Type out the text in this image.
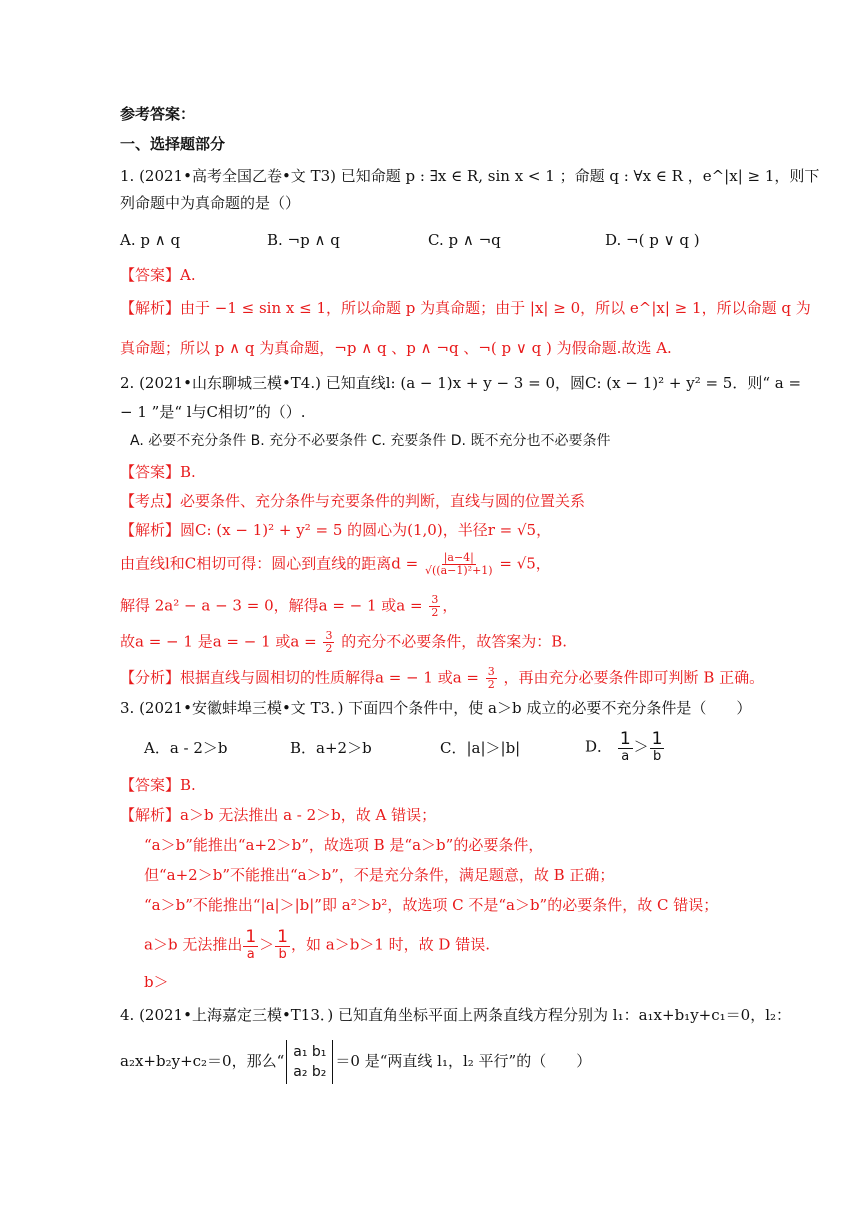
参考答案：
一、选择题部分
1. (2021•高考全国乙卷•文 T3) 已知命题 p : ∃x ∈ R, sin x < 1 ；命题 q : ∀x ∈ R ，e^|x| ≥ 1，则下
列命题中为真命题的是（）
A. p ∧ q	B. ¬p ∧ q	C. p ∧ ¬q	D. ¬( p ∨ q )
【答案】A.
【解析】由于 −1 ≤ sin x ≤ 1，所以命题 p 为真命题；由于 |x| ≥ 0，所以 e^|x| ≥ 1，所以命题 q 为
真命题；所以 p ∧ q 为真命题，¬p ∧ q 、p ∧ ¬q 、¬( p ∨ q ) 为假命题.故选 A.
2. (2021•山东聊城三模•T4.) 已知直线l: (a − 1)x + y − 3 = 0，圆C: (x − 1)² + y² = 5．则“ a =
− 1 ”是“ l与C相切”的（）.
A. 必要不充分条件 B. 充分不必要条件 C. 充要条件 D. 既不充分也不必要条件
【答案】B.
【考点】必要条件、充分条件与充要条件的判断，直线与圆的位置关系
【解析】圆C: (x − 1)² + y² = 5 的圆心为(1,0)，半径r = √5，
由直线l和C相切可得：圆心到直线的距离$d = \frac{|a-4|}{\text{√((a−1)²+1)}} = √5$，
解得 2a² − a − 3 = 0，解得a = − 1 或$a = \frac{3}{2}$ ，
故a = − 1 是a = − 1 或$a = \frac{3}{2}$ 的充分不必要条件，故答案为：B.
【分析】根据直线与圆相切的性质解得a = − 1 或$a = \frac{3}{2}$ ，再由充分必要条件即可判断 B 正确。
3. (2021•安徽蚌埠三模•文 T3．) 下面四个条件中，使 a＞b 成立的必要不充分条件是（　　）
A．a - 2＞b	B．a+2＞b	C．|a|＞|b|	D． $\frac{1}{a} > \frac{1}{b}$
【答案】B.
【解析】a＞b 无法推出 a - 2＞b，故 A 错误；
“a＞b”能推出“a+2＞b”，故选项 B 是“a＞b”的必要条件，
但“a+2＞b”不能推出“a＞b”，不是充分条件，满足题意，故 B 正确；
“a＞b”不能推出“|a|＞|b|”即 a²＞b²，故选项 C 不是“a＞b”的必要条件，故 C 错误；
a＞b 无法推出 $\frac{1}{a} > \frac{1}{b}$ ，如 a＞b＞1 时，故 D 错误.
b＞
4. (2021•上海嘉定三模•T13．) 已知直角坐标平面上两条直线方程分别为 l₁：a₁x+b₁y+c₁＝0，l₂：
a₂x+b₂y+c₂＝0，那么“ a₁ b₁
a₂ b₂＝0 是“两直线 l₁，l₂ 平行”的（　　）
